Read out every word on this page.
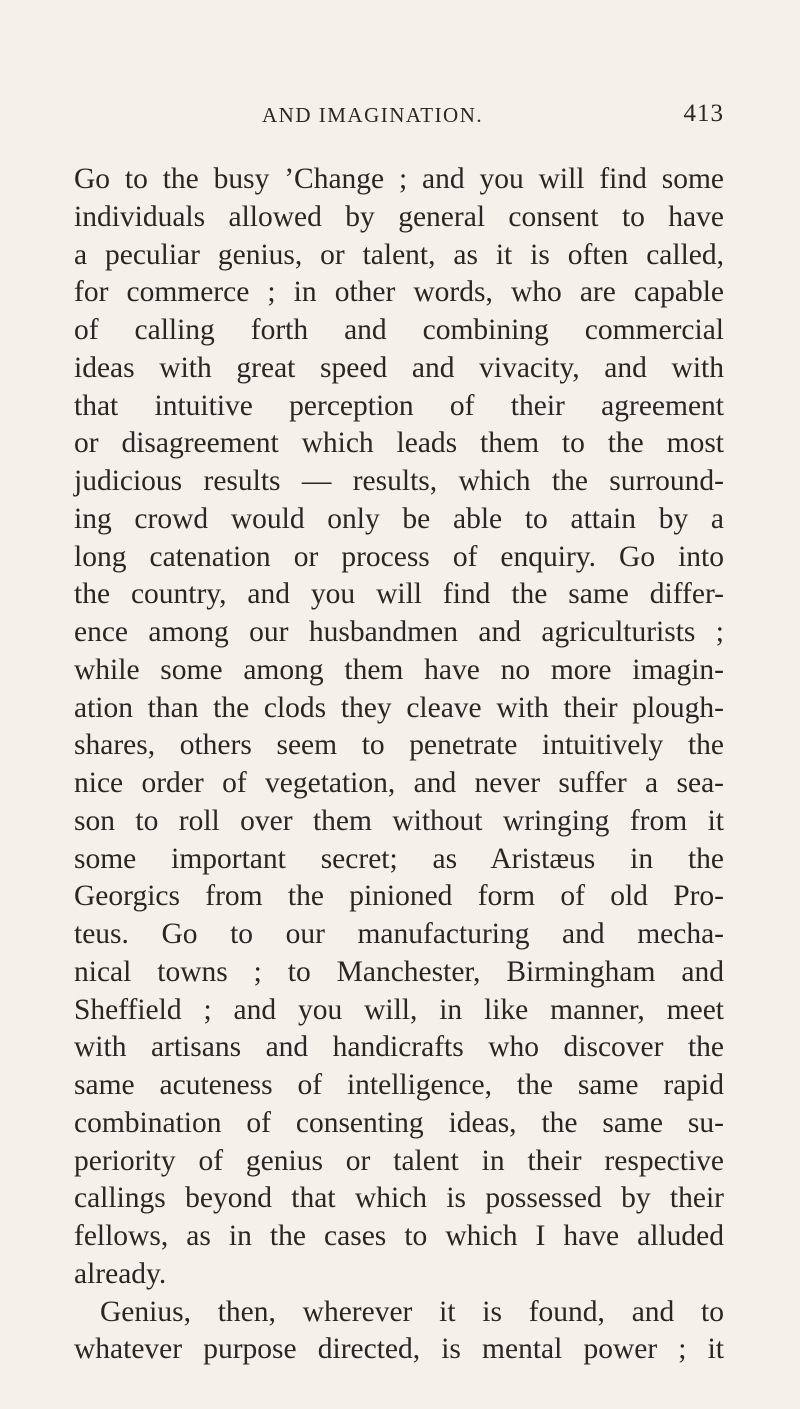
AND IMAGINATION.	413
Go to the busy ’Change ; and you will find some
individuals allowed by general consent to have
a peculiar genius, or talent, as it is often called,
for commerce ; in other words, who are capable
of calling forth and combining commercial
ideas with great speed and vivacity, and with
that intuitive perception of their agreement
or disagreement which leads them to the most
judicious results — results, which the surround-
ing crowd would only be able to attain by a
long catenation or process of enquiry. Go into
the country, and you will find the same differ-
ence among our husbandmen and agriculturists ;
while some among them have no more imagin-
ation than the clods they cleave with their plough-
shares, others seem to penetrate intuitively the
nice order of vegetation, and never suffer a sea-
son to roll over them without wringing from it
some important secret; as Aristæus in the
Georgics from the pinioned form of old Pro-
teus. Go to our manufacturing and mecha-
nical towns ; to Manchester, Birmingham and
Sheffield ; and you will, in like manner, meet
with artisans and handicrafts who discover the
same acuteness of intelligence, the same rapid
combination of consenting ideas, the same su-
periority of genius or talent in their respective
callings beyond that which is possessed by their
fellows, as in the cases to which I have alluded
already.
Genius, then, wherever it is found, and to
whatever purpose directed, is mental power ; it
